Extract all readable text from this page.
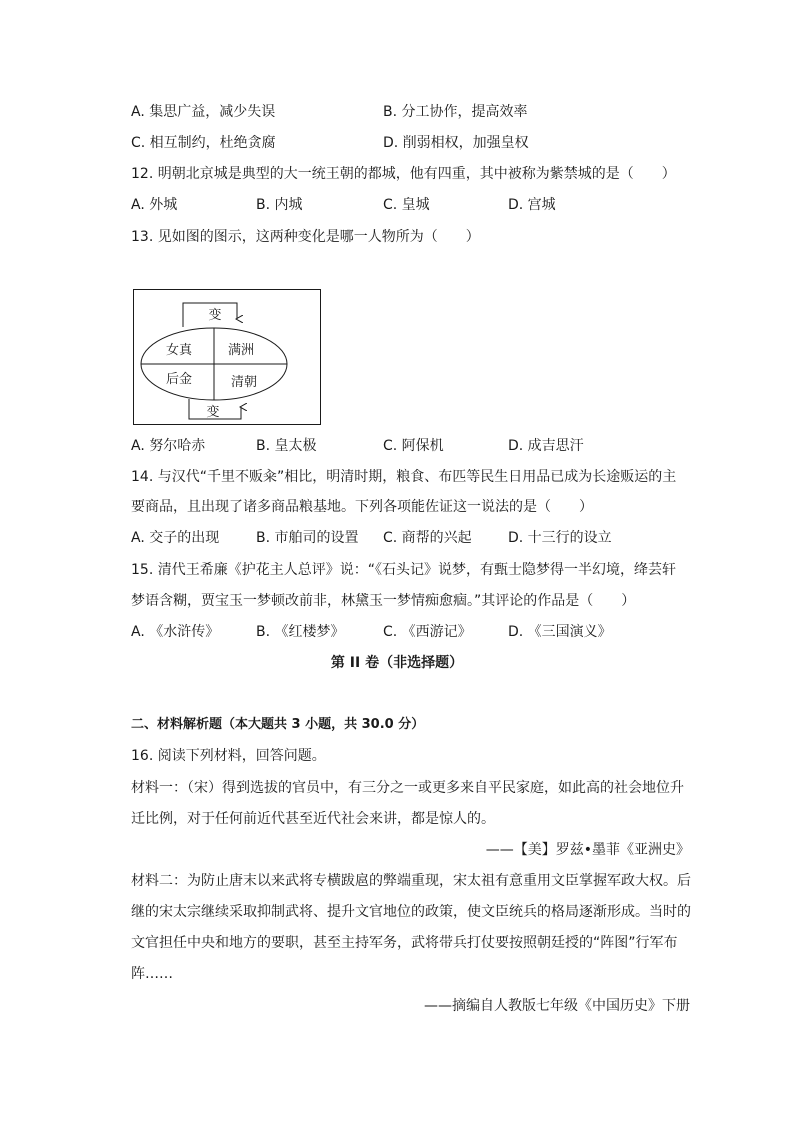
A. 集思广益，减少失误	B. 分工协作，提高效率
C. 相互制约，杜绝贪腐	D. 削弱相权，加强皇权
12. 明朝北京城是典型的大一统王朝的都城，他有四重，其中被称为紫禁城的是（　　）
A. 外城	B. 内城	C. 皇城	D. 宫城
13. 见如图的图示，这两种变化是哪一人物所为（　　）
变
女真	满洲
后金	清朝
变
A. 努尔哈赤	B. 皇太极	C. 阿保机	D. 成吉思汗
14. 与汉代“千里不贩籴”相比，明清时期，粮食、布匹等民生日用品已成为长途贩运的主
要商品，且出现了诸多商品粮基地。下列各项能佐证这一说法的是（　　）
A. 交子的出现	B. 市舶司的设置 C. 商帮的兴起	D. 十三行的设立
15. 清代王希廉《护花主人总评》说：“《石头记》说梦，有甄士隐梦得一半幻境，绛芸轩
梦语含糊，贾宝玉一梦顿改前非，林黛玉一梦情痴愈痼。”其评论的作品是（　　）
A. 《水浒传》	B. 《红楼梦》	C. 《西游记》	D. 《三国演义》
第 II 卷（非选择题）
二、材料解析题（本大题共 3 小题，共 30.0 分）
16. 阅读下列材料，回答问题。
材料一：（宋）得到选拔的官员中，有三分之一或更多来自平民家庭，如此高的社会地位升
迁比例，对于任何前近代甚至近代社会来讲，都是惊人的。
——【美】罗兹•墨菲《亚洲史》
材料二：为防止唐末以来武将专横跋扈的弊端重现，宋太祖有意重用文臣掌握军政大权。后
继的宋太宗继续采取抑制武将、提升文官地位的政策，使文臣统兵的格局逐渐形成。当时的
文官担任中央和地方的要职，甚至主持军务，武将带兵打仗要按照朝廷授的“阵图”行军布
阵……
——摘编自人教版七年级《中国历史》下册
